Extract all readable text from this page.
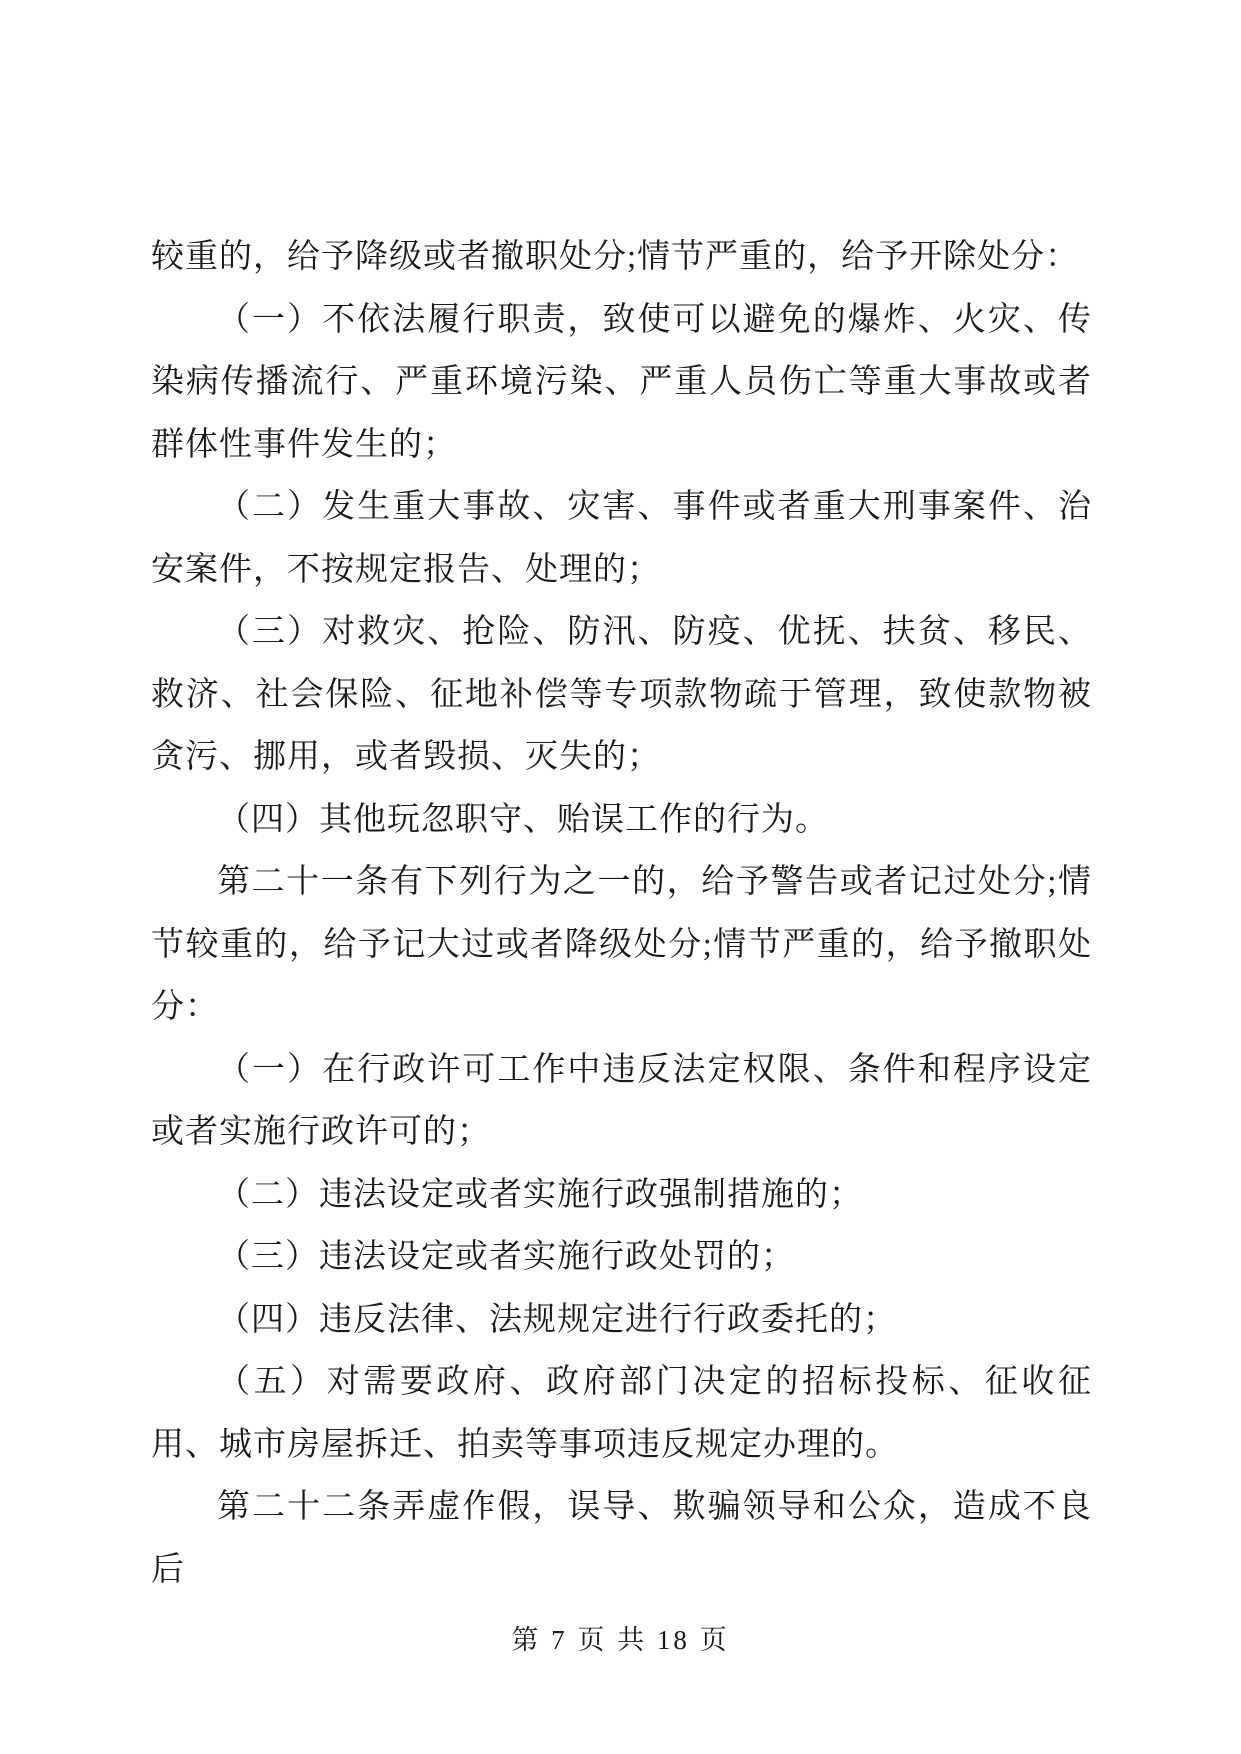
较重的，给予降级或者撤职处分;情节严重的，给予开除处分：

（一）不依法履行职责，致使可以避免的爆炸、火灾、传染病传播流行、严重环境污染、严重人员伤亡等重大事故或者群体性事件发生的；

（二）发生重大事故、灾害、事件或者重大刑事案件、治安案件，不按规定报告、处理的；

（三）对救灾、抢险、防汛、防疫、优抚、扶贫、移民、救济、社会保险、征地补偿等专项款物疏于管理，致使款物被贪污、挪用，或者毁损、灭失的；

（四）其他玩忽职守、贻误工作的行为。

第二十一条有下列行为之一的，给予警告或者记过处分;情节较重的，给予记大过或者降级处分;情节严重的，给予撤职处分：

（一）在行政许可工作中违反法定权限、条件和程序设定或者实施行政许可的；

（二）违法设定或者实施行政强制措施的；

（三）违法设定或者实施行政处罚的；

（四）违反法律、法规规定进行行政委托的；

（五）对需要政府、政府部门决定的招标投标、征收征用、城市房屋拆迁、拍卖等事项违反规定办理的。

第二十二条弄虚作假，误导、欺骗领导和公众，造成不良后

第 7 页 共 18 页
